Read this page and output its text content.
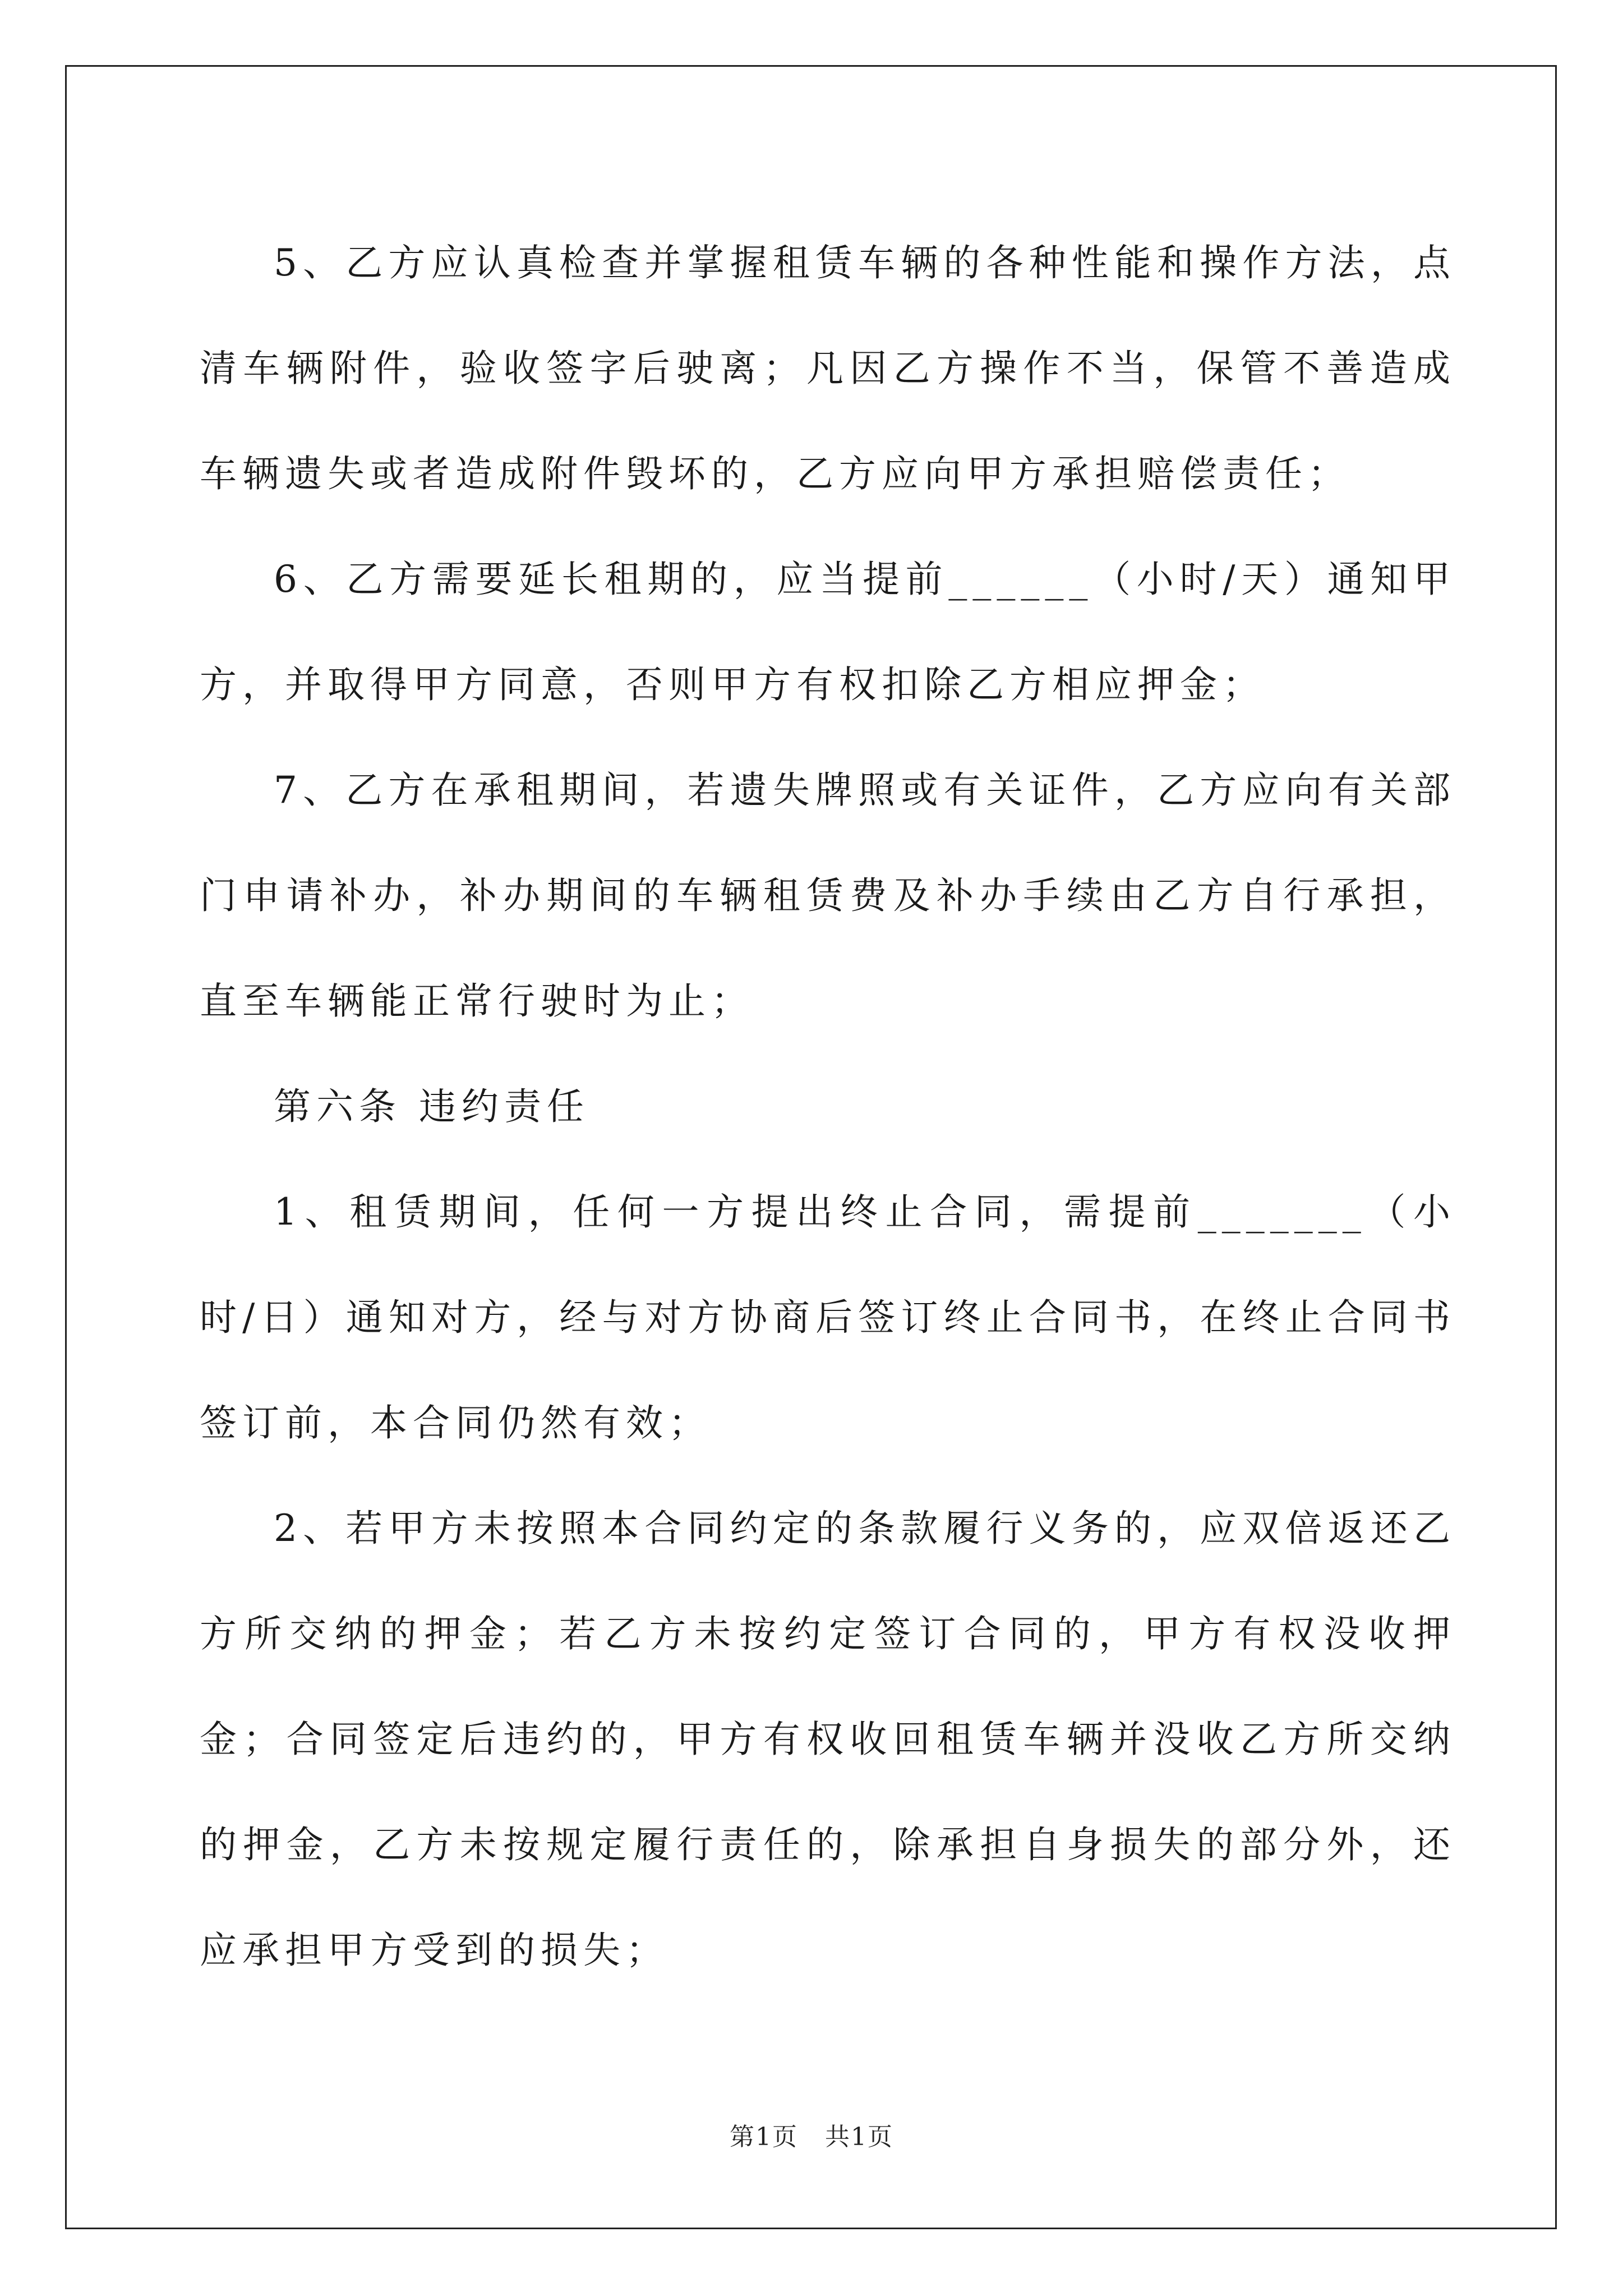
5、乙方应认真检查并掌握租赁车辆的各种性能和操作方法，点清车辆附件，验收签字后驶离；凡因乙方操作不当，保管不善造成车辆遗失或者造成附件毁坏的，乙方应向甲方承担赔偿责任；

6、乙方需要延长租期的，应当提前______（小时/天）通知甲方，并取得甲方同意，否则甲方有权扣除乙方相应押金；

7、乙方在承租期间，若遗失牌照或有关证件，乙方应向有关部门申请补办，补办期间的车辆租赁费及补办手续由乙方自行承担，直至车辆能正常行驶时为止；

第六条 违约责任

1、租赁期间，任何一方提出终止合同，需提前_______（小时/日）通知对方，经与对方协商后签订终止合同书，在终止合同书签订前，本合同仍然有效；

2、若甲方未按照本合同约定的条款履行义务的，应双倍返还乙方所交纳的押金；若乙方未按约定签订合同的，甲方有权没收押金；合同签定后违约的，甲方有权收回租赁车辆并没收乙方所交纳的押金，乙方未按规定履行责任的，除承担自身损失的部分外，还应承担甲方受到的损失；

第1页   共1页
